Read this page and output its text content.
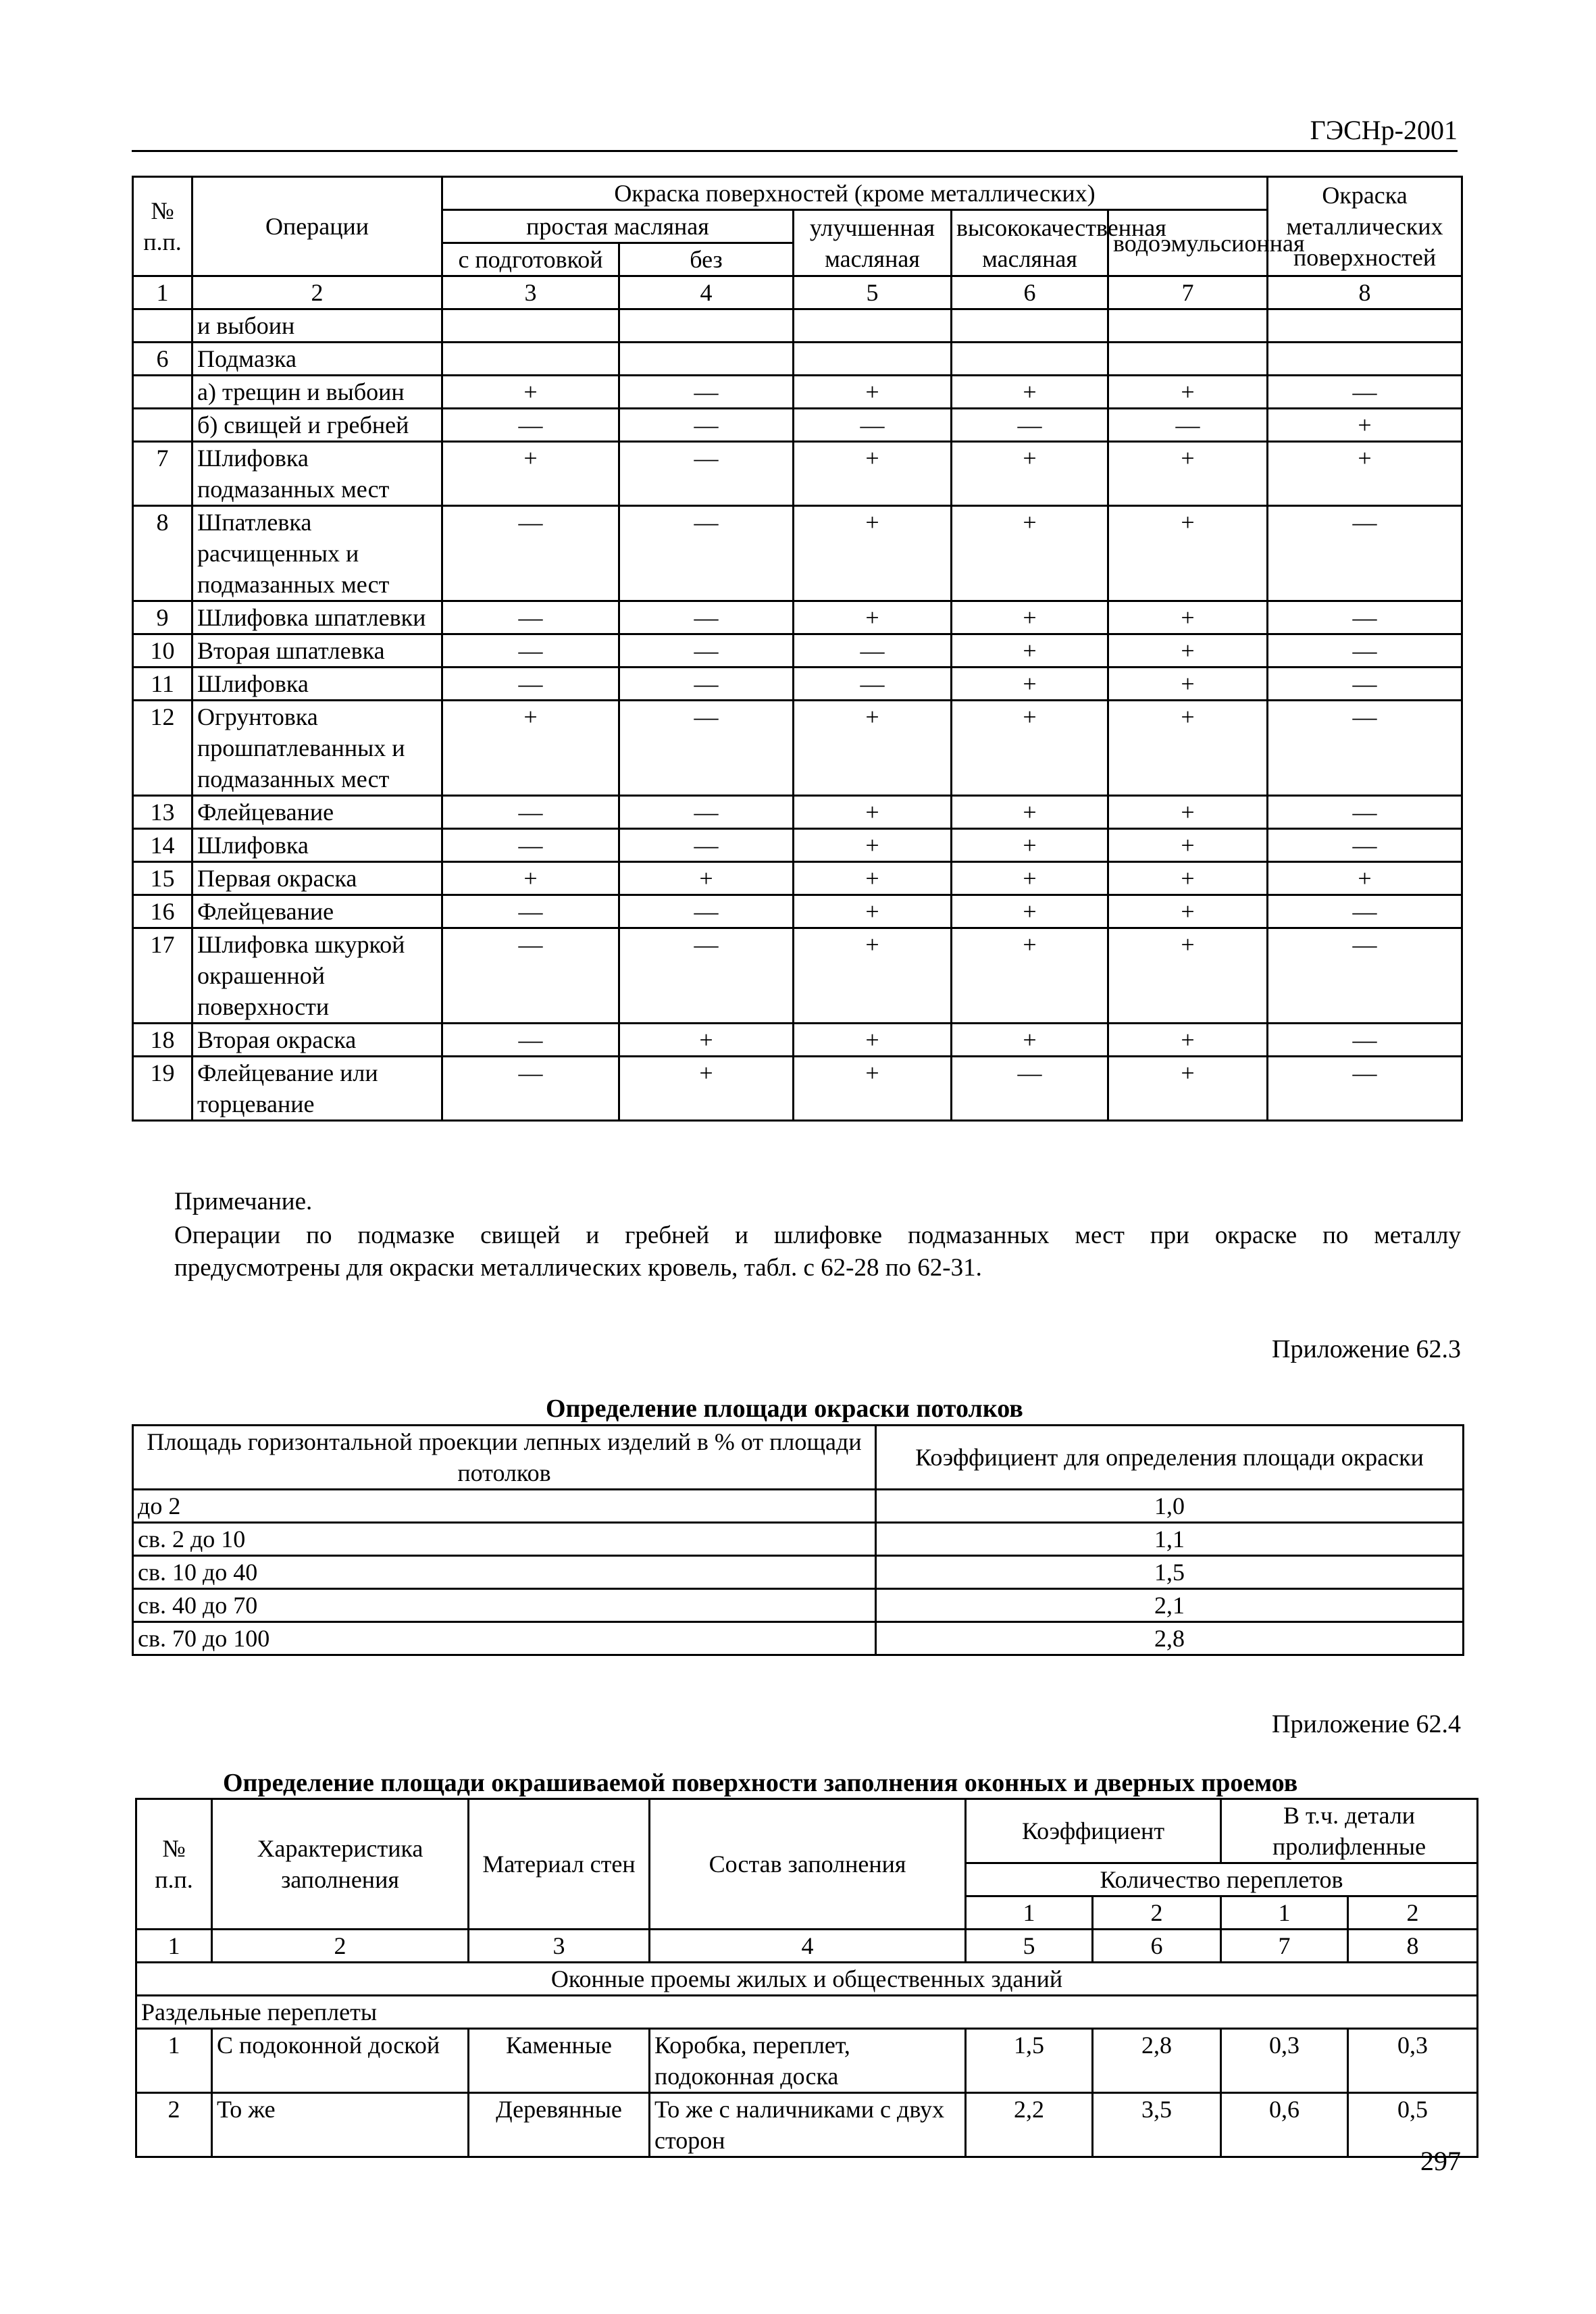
ГЭСНр-2001
№ п.п.	Операции	Окраска поверхностей (кроме металлических)					Окраска металлических поверхностей
		простая масляная		улучшенная масляная	высококачественная масляная	водоэмульсионная	
		с подготовкой	без				
1	2	3	4	5	6	7	8
	и выбоин						
6	Подмазка						
	а) трещин и выбоин	+	—	+	+	+	—
	б) свищей и гребней	—	—	—	—	—	+
7	Шлифовка подмазанных мест	+	—	+	+	+	+
8	Шпатлевка расчищенных и подмазанных мест	—	—	+	+	+	—
9	Шлифовка шпатлевки	—	—	+	+	+	—
10	Вторая шпатлевка	—	—	—	+	+	—
11	Шлифовка	—	—	—	+	+	—
12	Огрунтовка прошпатлеванных и подмазанных мест	+	—	+	+	+	—
13	Флейцевание	—	—	+	+	+	—
14	Шлифовка	—	—	+	+	+	—
15	Первая окраска	+	+	+	+	+	+
16	Флейцевание	—	—	+	+	+	—
17	Шлифовка шкуркой окрашенной поверхности	—	—	+	+	+	—
18	Вторая окраска	—	+	+	+	+	—
19	Флейцевание или торцевание	—	+	+	—	+	—
Примечание.
Операции по подмазке свищей и гребней и шлифовке подмазанных мест при окраске по металлу
предусмотрены для окраски металлических кровель, табл. с 62-28 по 62-31.
Приложение 62.3
Определение площади окраски потолков
Площадь горизонтальной проекции лепных изделий в % от площади потолков	Коэффициент для определения площади окраски
до 2	1,0
св. 2 до 10	1,1
св. 10 до 40	1,5
св. 40 до 70	2,1
св. 70 до 100	2,8
Приложение 62.4
Определение площади окрашиваемой поверхности заполнения оконных и дверных проемов
№ п.п.	Характеристика заполнения	Материал стен	Состав заполнения	Коэффициент		В т.ч. детали пролифленные	
				Количество переплетов			
				1	2	1	2
1	2	3	4	5	6	7	8
Оконные проемы жилых и общественных зданий							
Раздельные переплеты							
1	С подоконной доской	Каменные	Коробка, переплет, подоконная доска	1,5	2,8	0,3	0,3
2	То же	Деревянные	То же с наличниками с двух сторон	2,2	3,5	0,6	0,5
297
